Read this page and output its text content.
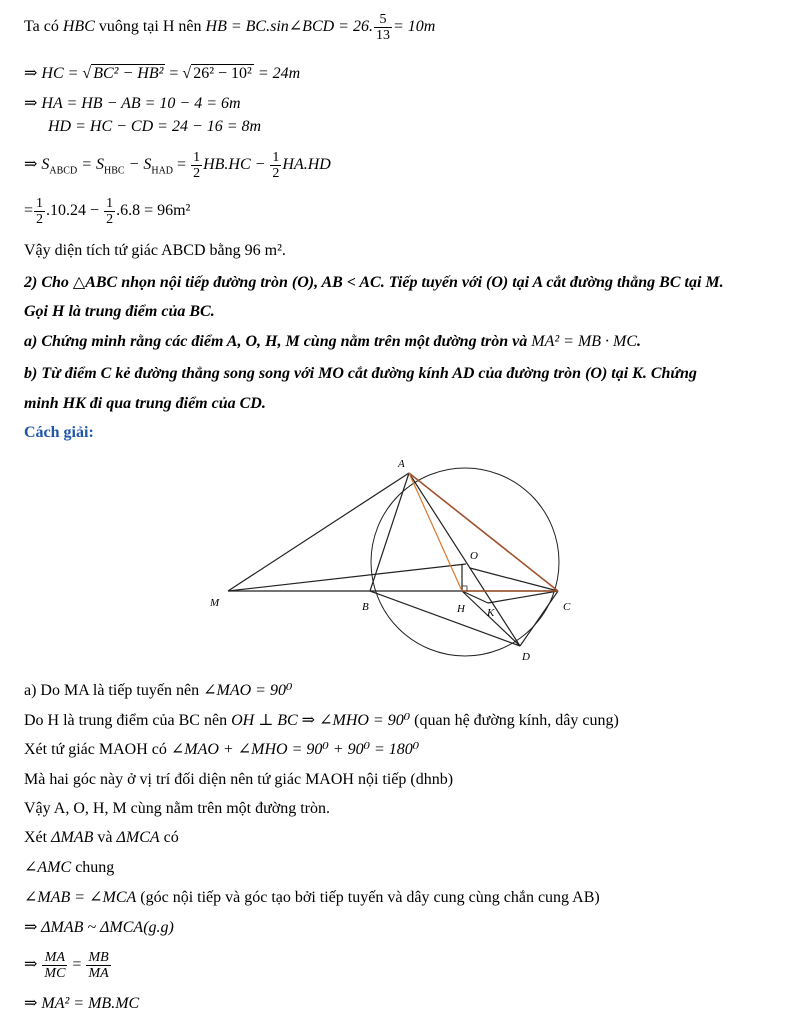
Ta có HBC vuông tại H nên HB = BC.sin∠BCD = 26. $\frac{5}{13} = 10m$
⇒ HC = √ BC² − HB² = √ 26² − 10² = 24m
⇒ HA = HB − AB = 10 − 4 = 6m
HD = HC − CD = 24 − 16 = 8m
⇒ $S_{ABCD} = S_{HBC} - S_{HAD} = \frac{1}{2} HB.HC - \frac{1}{2} HA.HD$
= $\frac{1}{2} .10.24 - \frac{1}{2} .6.8 = 96m^2$
Vậy diện tích tứ giác ABCD bằng 96 m².
2) Cho △ABC nhọn nội tiếp đường tròn (O), AB < AC. Tiếp tuyến với (O) tại A cắt đường thẳng BC tại M.
Gọi H là trung điểm của BC.
a) Chứng minh rằng các điểm A, O, H, M cùng nằm trên một đường tròn và MA² = MB · MC.
b) Từ điểm C kẻ đường thẳng song song với MO cắt đường kính AD của đường tròn (O) tại K. Chứng
minh HK đi qua trung điểm của CD.
Cách giải:
A
O
M	B	H K	C
D
a) Do MA là tiếp tuyến nên ∠MAO = 90⁰
Do H là trung điểm của BC nên OH ⊥ BC ⇒ ∠MHO = 90⁰ (quan hệ đường kính, dây cung)
Xét tứ giác MAOH có ∠MAO + ∠MHO = 90⁰ + 90⁰ = 180⁰
Mà hai góc này ở vị trí đối diện nên tứ giác MAOH nội tiếp (dhnb)
Vậy A, O, H, M cùng nằm trên một đường tròn.
Xét ΔMAB và ΔMCA có
∠AMC chung
∠MAB = ∠MCA (góc nội tiếp và góc tạo bởi tiếp tuyến và dây cung cùng chắn cung AB)
⇒ ΔMAB ~ ΔMCA(g.g)
⇒ $\frac{MA}{MC} = \frac{MB}{MA}$
⇒ MA² = MB.MC
